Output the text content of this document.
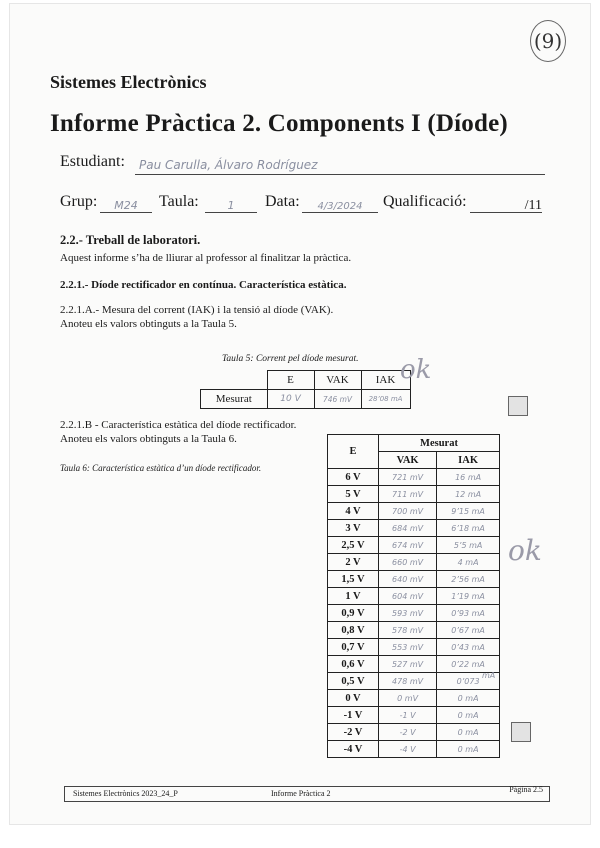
(9)
Sistemes Electrònics
Informe Pràctica 2. Components I (Díode)
Estudiant:	Pau Carulla, Álvaro Rodríguez
Grup:	M24	Taula:	1	Data:	4/3/2024	Qualificació:	/11
2.2.- Treball de laboratori.
Aquest informe s’ha de lliurar al professor al finalitzar la pràctica.
2.2.1.- Díode rectificador en contínua. Característica estàtica.
2.2.1.A.- Mesura del corrent (IAK) i la tensió al díode (VAK).
Anoteu els valors obtinguts a la Taula 5.
Taula 5: Corrent pel díode mesurat.
	E	VAK	IAK
Mesurat	10 V	746 mV	28’08 mA
ok
2.2.1.B - Característica estàtica del díode rectificador.
Anoteu els valors obtinguts a la Taula 6.
Taula 6: Característica estàtica d’un díode rectificador.
E	Mesurat	
	VAK	IAK
6 V	721 mV	16 mA
5 V	711 mV	12 mA
4 V	700 mV	9’15 mA
3 V	684 mV	6’18 mA
2,5 V	674 mV	5’5 mA
2 V	660 mV	4 mA
1,5 V	640 mV	2’56 mA
1 V	604 mV	1’19 mA
0,9 V	593 mV	0’93 mA
0,8 V	578 mV	0’67 mA
0,7 V	553 mV	0’43 mA
0,6 V	527 mV	0’22 mA
0,5 V	478 mV	0’073
0 V	0 mV	0 mA
-1 V	-1 V	0 mA
-2 V	-2 V	0 mA
-4 V	-4 V	0 mA
mA
ok
Sistemes Electrònics 2023_24_P	Informe Pràctica 2	Pàgina 2.5
